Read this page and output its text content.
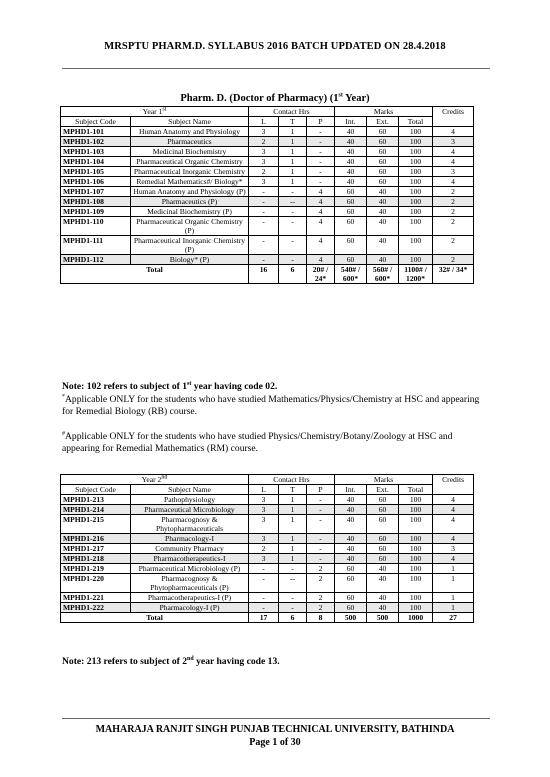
MRSPTU PHARM.D. SYLLABUS 2016 BATCH UPDATED ON 28.4.2018
Pharm. D. (Doctor of Pharmacy) (1st Year)
Year 1st		Contact Hrs			Marks			Credits
Subject Code	Subject Name	L	T	P	Int.	Ext.	Total	
MPHD1-101	Human Anatomy and Physiology	3	1	-	40	60	100	4
MPHD1-102	Pharmaceutics	2	1	-	40	60	100	3
MPHD1-103	Medicinal Biochemistry	3	1	-	40	60	100	4
MPHD1-104	Pharmaceutical Organic Chemistry	3	1	-	40	60	100	4
MPHD1-105	Pharmaceutical Inorganic Chemistry	2	1	-	40	60	100	3
MPHD1-106	Remedial Mathematics#/ Biology*	3	1	-	40	60	100	4
MPHD1-107	Human Anatomy and Physiology (P)	-	-	4	60	40	100	2
MPHD1-108	Pharmaceutics (P)	-	--	4	60	40	100	2
MPHD1-109	Medicinal Biochemistry (P)	-	-	4	60	40	100	2
MPHD1-110	Pharmaceutical Organic Chemistry (P)	-	-	4	60	40	100	2
MPHD1-111	Pharmaceutical Inorganic Chemistry (P)	-	-	4	60	40	100	2
MPHD1-112	Biology* (P)	-	-	4	60	40	100	2
Total		16	6	20# / 24*	540# / 600*	560# / 600*	1100# / 1200*	32# / 34*
Note: 102 refers to subject of 1st year having code 02.
*Applicable ONLY for the students who have studied Mathematics/Physics/Chemistry at HSC and appearing for Remedial Biology (RB) course.
#Applicable ONLY for the students who have studied Physics/Chemistry/Botany/Zoology at HSC and appearing for Remedial Mathematics (RM) course.
Year 2nd		Contact Hrs			Marks			Credits
Subject Code	Subject Name	L	T	P	Int.	Ext.	Total	
MPHD1-213	Pathophysiology	3	1	-	40	60	100	4
MPHD1-214	Pharmaceutical Microbiology	3	1	-	40	60	100	4
MPHD1-215	Pharmacognosy & Phytopharmaceuticals	3	1	-	40	60	100	4
MPHD1-216	Pharmacology-I	3	1	-	40	60	100	4
MPHD1-217	Community Pharmacy	2	1	-	40	60	100	3
MPHD1-218	Pharmacotherapeutics-I	3	1	-	40	60	100	4
MPHD1-219	Pharmaceutical Microbiology (P)	-	-	2	60	40	100	1
MPHD1-220	Pharmacognosy & Phytopharmaceuticals (P)	-	--	2	60	40	100	1
MPHD1-221	Pharmacotherapeutics-I (P)	-	-	2	60	40	100	1
MPHD1-222	Pharmacology-I (P)	-	-	2	60	40	100	1
Total		17	6	8	500	500	1000	27
Note: 213 refers to subject of 2nd year having code 13.
MAHARAJA RANJIT SINGH PUNJAB TECHNICAL UNIVERSITY, BATHINDA
Page 1 of 30
